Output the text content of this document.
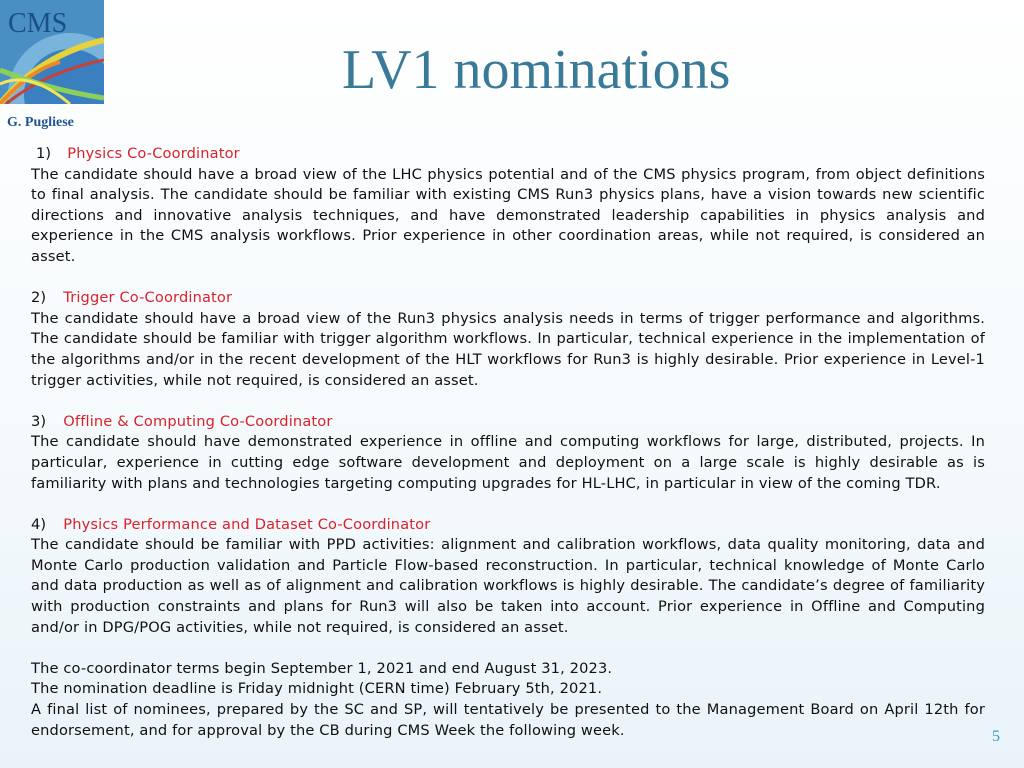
CMS
G. Pugliese
LV1 nominations
1) Physics Co-Coordinator

The candidate should have a broad view of the LHC physics potential and of the CMS physics program, from object definitions to final analysis. The candidate should be familiar with existing CMS Run3 physics plans, have a vision towards new scientific directions and innovative analysis techniques, and have demonstrated leadership capabilities in physics analysis and experience in the CMS analysis workflows. Prior experience in other coordination areas, while not required, is considered an asset.

2) Trigger Co-Coordinator

The candidate should have a broad view of the Run3 physics analysis needs in terms of trigger performance and algorithms. The candidate should be familiar with trigger algorithm workflows. In particular, technical experience in the implementation of the algorithms and/or in the recent development of the HLT workflows for Run3 is highly desirable. Prior experience in Level-1 trigger activities, while not required, is considered an asset.

3) Offline & Computing Co-Coordinator

The candidate should have demonstrated experience in offline and computing workflows for large, distributed, projects. In particular, experience in cutting edge software development and deployment on a large scale is highly desirable as is familiarity with plans and technologies targeting computing upgrades for HL-LHC, in particular in view of the coming TDR.

4) Physics Performance and Dataset Co-Coordinator

The candidate should be familiar with PPD activities: alignment and calibration workflows, data quality monitoring, data and Monte Carlo production validation and Particle Flow-based reconstruction. In particular, technical knowledge of Monte Carlo and data production as well as of alignment and calibration workflows is highly desirable. The candidate’s degree of familiarity with production constraints and plans for Run3 will also be taken into account. Prior experience in Offline and Computing and/or in DPG/POG activities, while not required, is considered an asset.

The co-coordinator terms begin September 1, 2021 and end August 31, 2023.

The nomination deadline is Friday midnight (CERN time) February 5th, 2021.

A final list of nominees, prepared by the SC and SP, will tentatively be presented to the Management Board on April 12th for endorsement, and for approval by the CB during CMS Week the following week.	5
